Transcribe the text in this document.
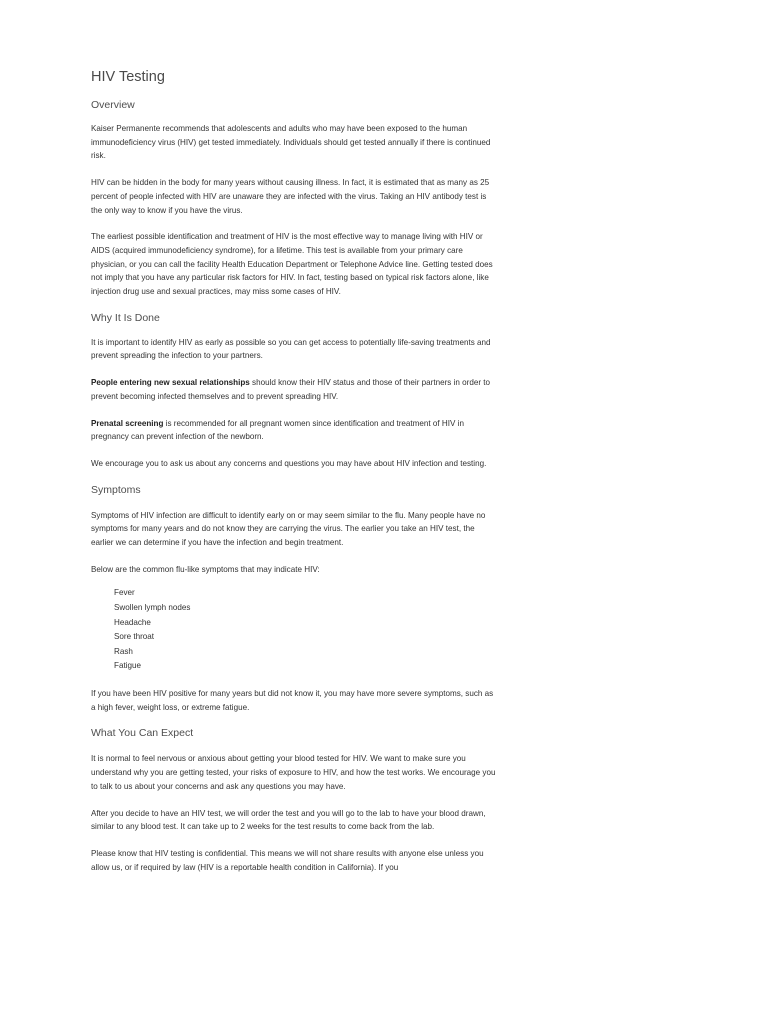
HIV Testing
Overview

Kaiser Permanente recommends that adolescents and adults who may have been exposed to the human immunodeficiency virus (HIV) get tested immediately. Individuals should get tested annually if there is continued risk.

HIV can be hidden in the body for many years without causing illness. In fact, it is estimated that as many as 25 percent of people infected with HIV are unaware they are infected with the virus. Taking an HIV antibody test is the only way to know if you have the virus.

The earliest possible identification and treatment of HIV is the most effective way to manage living with HIV or AIDS (acquired immunodeficiency syndrome), for a lifetime. This test is available from your primary care physician, or you can call the facility Health Education Department or Telephone Advice line. Getting tested does not imply that you have any particular risk factors for HIV. In fact, testing based on typical risk factors alone, like injection drug use and sexual practices, may miss some cases of HIV.

Why It Is Done

It is important to identify HIV as early as possible so you can get access to potentially life-saving treatments and prevent spreading the infection to your partners.

People entering new sexual relationships should know their HIV status and those of their partners in order to prevent becoming infected themselves and to prevent spreading HIV.

Prenatal screening is recommended for all pregnant women since identification and treatment of HIV in pregnancy can prevent infection of the newborn.

We encourage you to ask us about any concerns and questions you may have about HIV infection and testing.

Symptoms

Symptoms of HIV infection are difficult to identify early on or may seem similar to the flu. Many people have no symptoms for many years and do not know they are carrying the virus. The earlier you take an HIV test, the earlier we can determine if you have the infection and begin treatment.

Below are the common flu-like symptoms that may indicate HIV:

Fever
Swollen lymph nodes
Headache
Sore throat
Rash
Fatigue

If you have been HIV positive for many years but did not know it, you may have more severe symptoms, such as a high fever, weight loss, or extreme fatigue.

What You Can Expect

It is normal to feel nervous or anxious about getting your blood tested for HIV. We want to make sure you understand why you are getting tested, your risks of exposure to HIV, and how the test works. We encourage you to talk to us about your concerns and ask any questions you may have.

After you decide to have an HIV test, we will order the test and you will go to the lab to have your blood drawn, similar to any blood test. It can take up to 2 weeks for the test results to come back from the lab.

Please know that HIV testing is confidential. This means we will not share results with anyone else unless you allow us, or if required by law (HIV is a reportable health condition in California). If you
